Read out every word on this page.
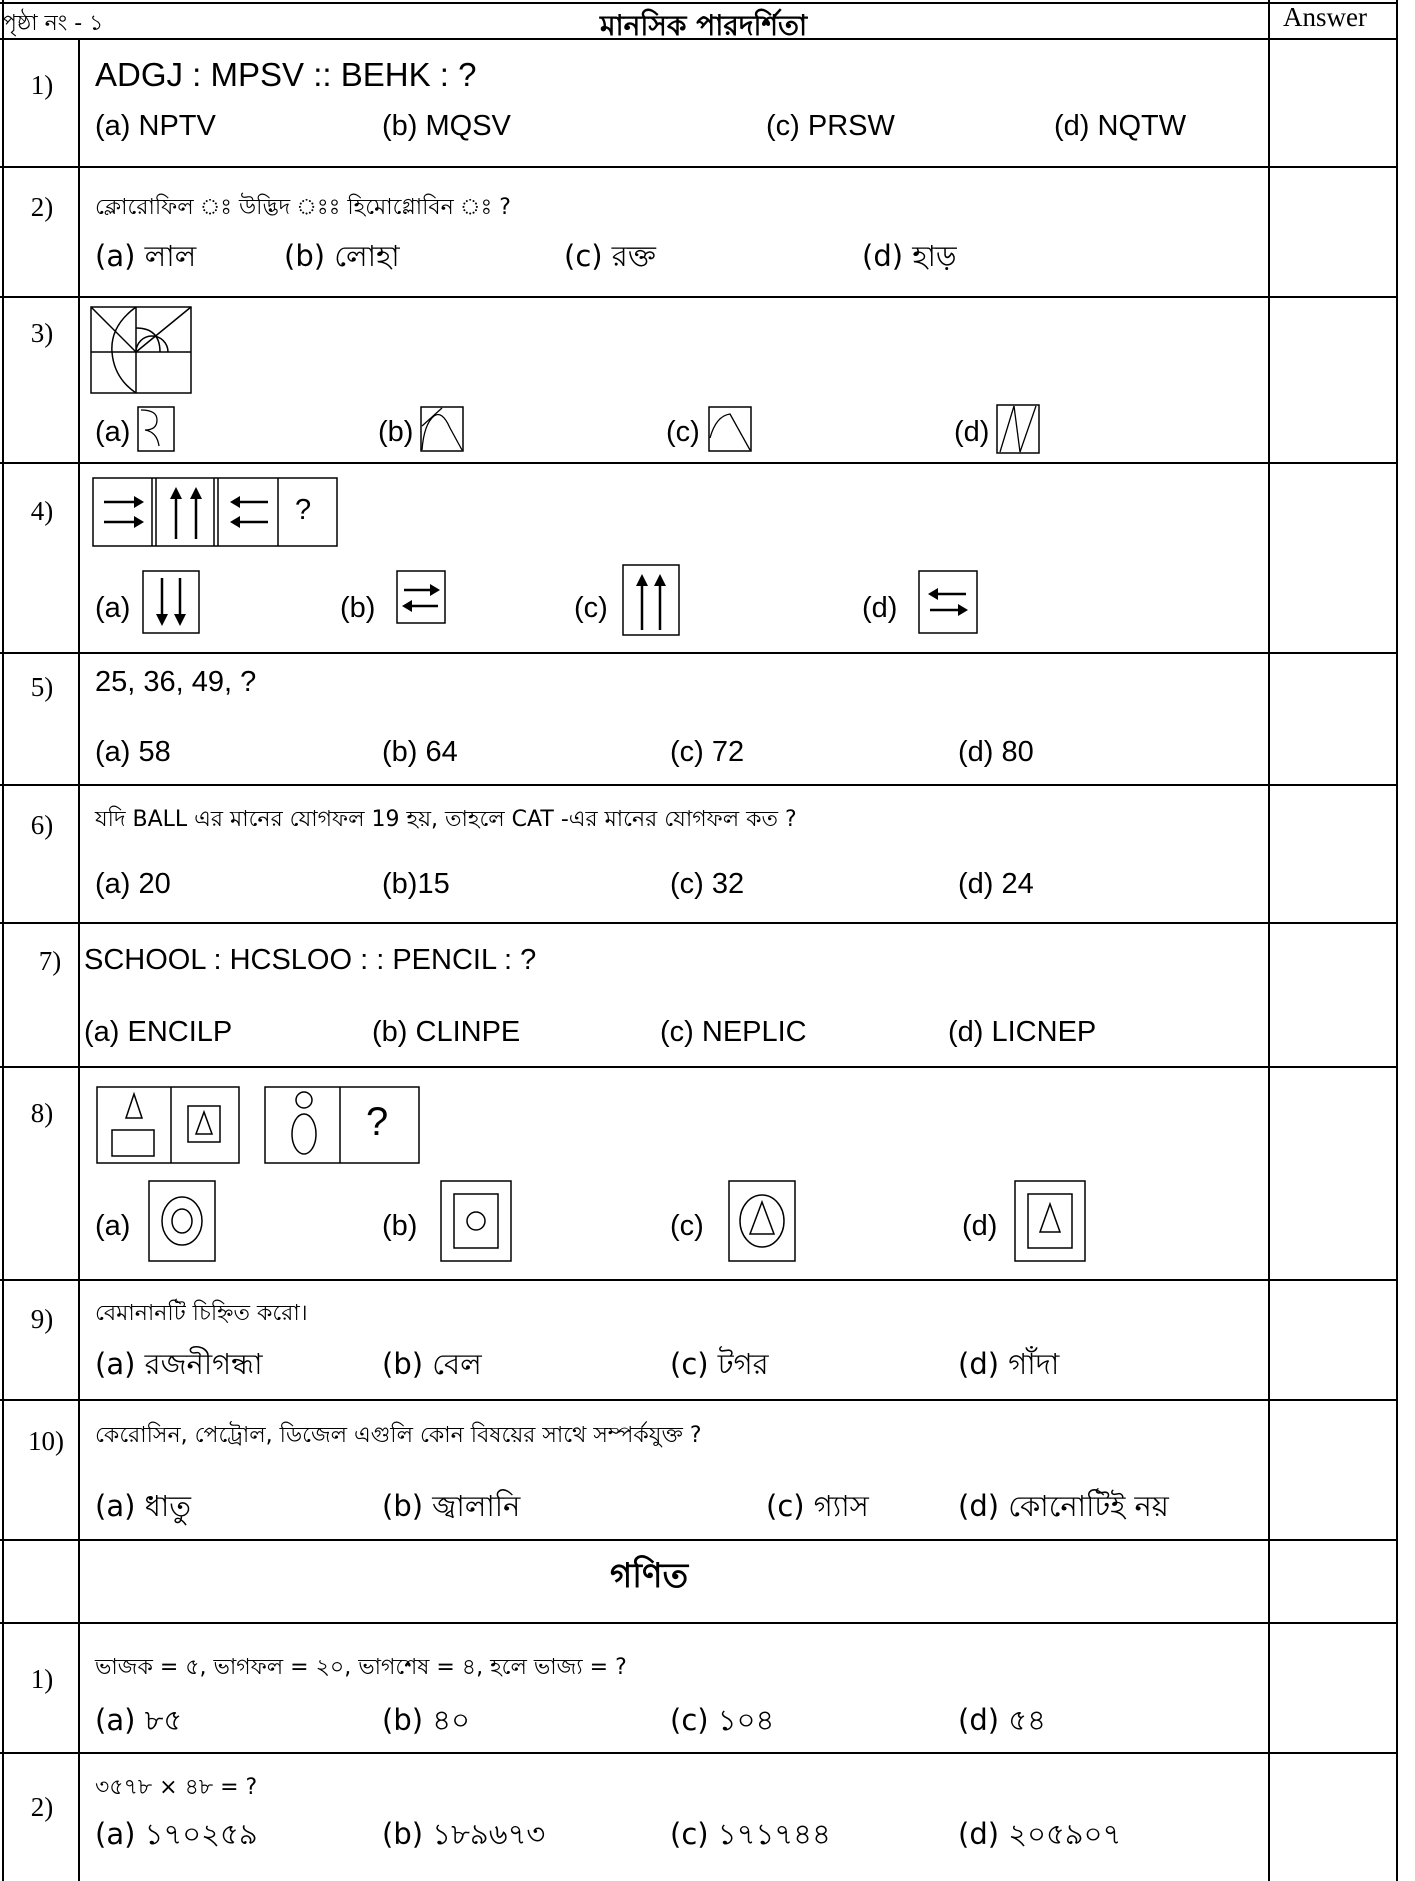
পৃষ্ঠা নং - ১	মানসিক পারদর্শিতা	Answer
1)	ADGJ : MPSV :: BEHK : ?
(a) NPTV	(b) MQSV	(c) PRSW	(d) NQTW
2)	ক্লোরোফিল ঃ উদ্ভিদ ঃঃ হিমোগ্লোবিন ঃ ?
(a) লাল	(b) লোহা	(c) রক্ত	(d) হাড়
3)
(a)	(b)	(c)	(d)
4)	?
(a)	(b)	(c)	(d)
5)	25, 36, 49, ?
(a) 58	(b) 64	(c) 72	(d) 80
6)	যদি BALL এর মানের যোগফল 19 হয়, তাহলে CAT -এর মানের যোগফল কত ?
(a) 20	(b)15	(c) 32	(d) 24
7) SCHOOL : HCSLOO : : PENCIL : ?
(a) ENCILP	(b) CLINPE	(c) NEPLIC	(d) LICNEP
8)	?
(a)	(b)	(c)	(d)
9)	বেমানানটি চিহ্নিত করো।
(a) রজনীগন্ধা	(b) বেল	(c) টগর	(d) গাঁদা
10)	কেরোসিন, পেট্রোল, ডিজেল এগুলি কোন বিষয়ের সাথে সম্পর্কযুক্ত ?
(a) ধাতু	(b) জ্বালানি	(c) গ্যাস	(d) কোনোটিই নয়
গণিত
1)	ভাজক = ৫, ভাগফল = ২০, ভাগশেষ = ৪, হলে ভাজ্য = ?
(a) ৮৫	(b) ৪০	(c) ১০৪	(d) ৫৪
2)
৩৫৭৮ × ৪৮ = ?
(a) ১৭০২৫৯	(b) ১৮৯৬৭৩	(c) ১৭১৭৪৪	(d) ২০৫৯০৭
